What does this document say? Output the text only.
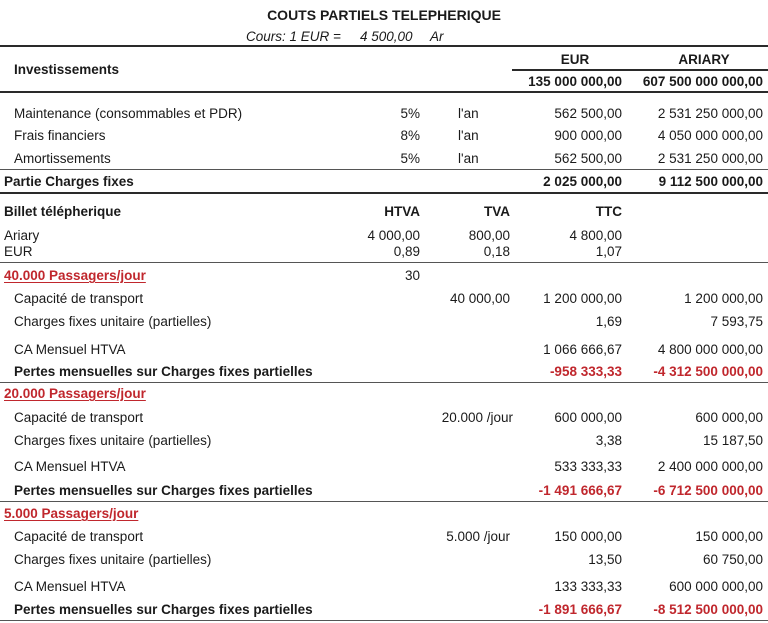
COUTS PARTIELS TELEPHERIQUE
Cours: 1 EUR = 4 500,00 Ar
Investissements
EUR	ARIARY
135 000 000,00	607 500 000 000,00
Maintenance (consommables et PDR)	5%	l'an	562 500,00	2 531 250 000,00
Frais financiers	8%	l'an	900 000,00	4 050 000 000,00
Amortissements	5%	l'an	562 500,00	2 531 250 000,00
Partie Charges fixes	2 025 000,00	9 112 500 000,00
Billet télépherique	HTVA	TVA	TTC
Ariary	4 000,00	800,00	4 800,00
EUR	0,89	0,18	1,07
40.000 Passagers/jour	30
Capacité de transport	40 000,00	1 200 000,00	1 200 000,00
Charges fixes unitaire (partielles)	1,69	7 593,75
CA Mensuel HTVA	1 066 666,67	4 800 000 000,00
Pertes mensuelles sur Charges fixes partielles	-958 333,33	-4 312 500 000,00
20.000 Passagers/jour
Capacité de transport	20.000 /jour	600 000,00	600 000,00
Charges fixes unitaire (partielles)	3,38	15 187,50
CA Mensuel HTVA	533 333,33	2 400 000 000,00
Pertes mensuelles sur Charges fixes partielles	-1 491 666,67	-6 712 500 000,00
5.000 Passagers/jour
Capacité de transport	5.000 /jour	150 000,00	150 000,00
Charges fixes unitaire (partielles)	13,50	60 750,00
CA Mensuel HTVA	133 333,33	600 000 000,00
Pertes mensuelles sur Charges fixes partielles	-1 891 666,67	-8 512 500 000,00
